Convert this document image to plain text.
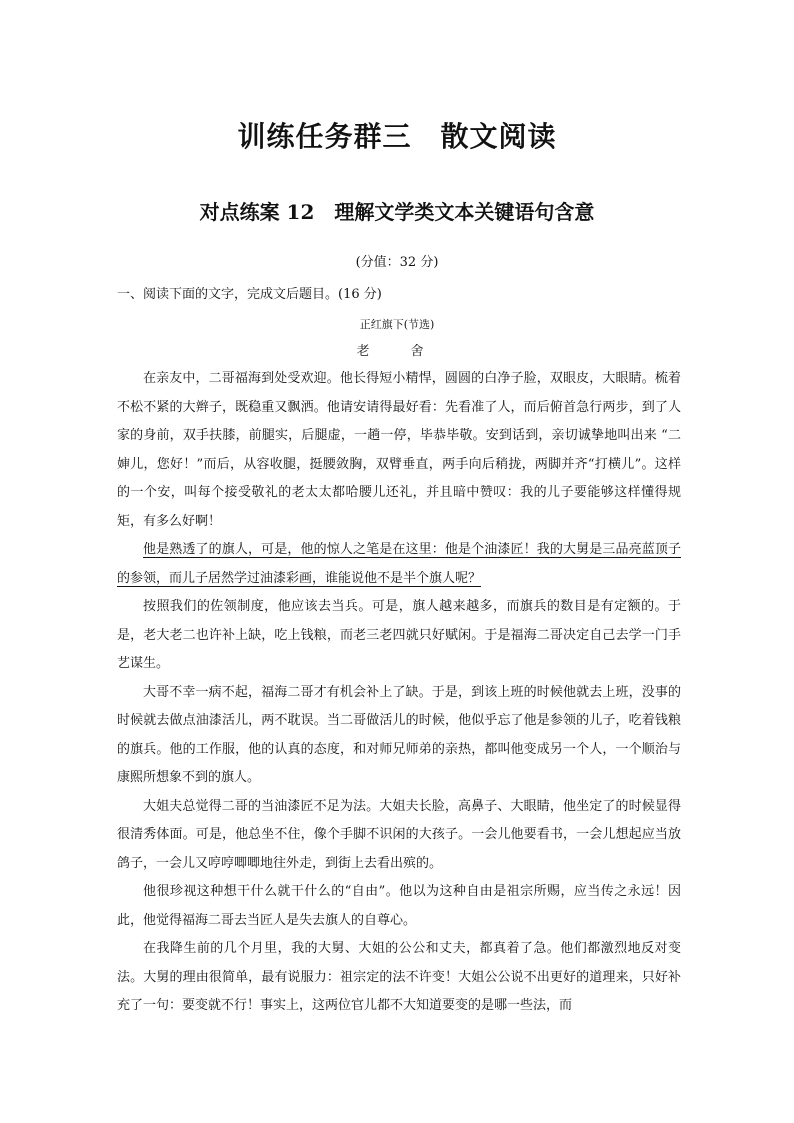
训练任务群三　散文阅读
对点练案 12　理解文学类文本关键语句含意
(分值：32 分)
一、阅读下面的文字，完成文后题目。(16 分)
正红旗下(节选)
老　舍

在亲友中，二哥福海到处受欢迎。他长得短小精悍，圆圆的白净子脸，双眼皮，大眼睛。梳着不松不紧的大辫子，既稳重又飘洒。他请安请得最好看：先看准了人，而后俯首急行两步，到了人家的身前，双手扶膝，前腿实，后腿虚，一趟一停，毕恭毕敬。安到话到，亲切诚挚地叫出来 “二婶儿，您好！”而后，从容收腿，挺腰敛胸，双臂垂直，两手向后稍拢，两脚并齐“打横儿”。这样的一个安，叫每个接受敬礼的老太太都哈腰儿还礼，并且暗中赞叹：我的儿子要能够这样懂得规矩，有多么好啊！

他是熟透了的旗人，可是，他的惊人之笔是在这里：他是个油漆匠！我的大舅是三品亮蓝顶子的参领，而儿子居然学过油漆彩画，谁能说他不是半个旗人呢？

按照我们的佐领制度，他应该去当兵。可是，旗人越来越多，而旗兵的数目是有定额的。于是，老大老二也许补上缺，吃上钱粮，而老三老四就只好赋闲。于是福海二哥决定自己去学一门手艺谋生。

大哥不幸一病不起，福海二哥才有机会补上了缺。于是，到该上班的时候他就去上班，没事的时候就去做点油漆活儿，两不耽误。当二哥做活儿的时候，他似乎忘了他是参领的儿子，吃着钱粮的旗兵。他的工作服，他的认真的态度，和对师兄师弟的亲热，都叫他变成另一个人，一个顺治与康熙所想象不到的旗人。

大姐夫总觉得二哥的当油漆匠不足为法。大姐夫长脸，高鼻子、大眼睛，他坐定了的时候显得很清秀体面。可是，他总坐不住，像个手脚不识闲的大孩子。一会儿他要看书，一会儿想起应当放鸽子，一会儿又哼哼唧唧地往外走，到街上去看出殡的。

他很珍视这种想干什么就干什么的“自由”。他以为这种自由是祖宗所赐，应当传之永远！因此，他觉得福海二哥去当匠人是失去旗人的自尊心。

在我降生前的几个月里，我的大舅、大姐的公公和丈夫，都真着了急。他们都激烈地反对变法。大舅的理由很简单，最有说服力：祖宗定的法不许变！大姐公公说不出更好的道理来，只好补充了一句：要变就不行！事实上，这两位官儿都不大知道要变的是哪一些法，而
